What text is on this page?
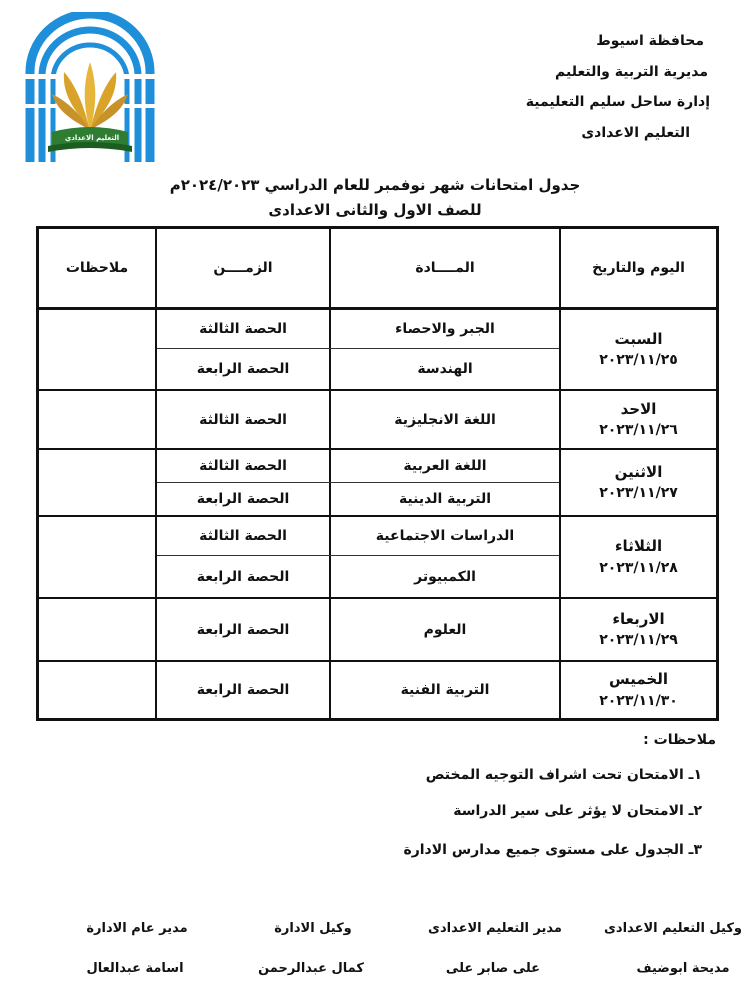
محافظة اسيوط
مديرية التربية والتعليم
إدارة ساحل سليم التعليمية
التعليم الاعدادى
التعليم الاعدادي
جدول امتحانات شهر نوفمبر للعام الدراسي ٢٠٢٤/٢٠٢٣م
للصف الاول والثانى الاعدادى
اليوم والتاريخ
المــــادة
الزمــــن
ملاحظات
السبت
٢٠٢٣/١١/٢٥
الجبر والاحصاء
الحصة الثالثة
الهندسة
الحصة الرابعة
الاحد
٢٠٢٣/١١/٢٦
اللغة الانجليزية
الحصة الثالثة
الاثنين
٢٠٢٣/١١/٢٧
اللغة العربية
الحصة الثالثة
التربية الدينية
الحصة الرابعة
الثلاثاء
٢٠٢٣/١١/٢٨
الدراسات الاجتماعية
الحصة الثالثة
الكمبيوتر
الحصة الرابعة
الاربعاء
٢٠٢٣/١١/٢٩
العلوم
الحصة الرابعة
الخميس
٢٠٢٣/١١/٣٠
التربية الفنية
الحصة الرابعة
ملاحظات :
١ـ الامتحان تحت اشراف التوجيه المختص
٢ـ الامتحان لا يؤثر على سير الدراسة
٣ـ الجدول على مستوى جميع مدارس الادارة
وكيل التعليم الاعدادى
مديحة ابوضيف
مدير التعليم الاعدادى
على صابر على
وكيل الادارة
كمال عبدالرحمن
مدير عام الادارة
اسامة عبدالعال
